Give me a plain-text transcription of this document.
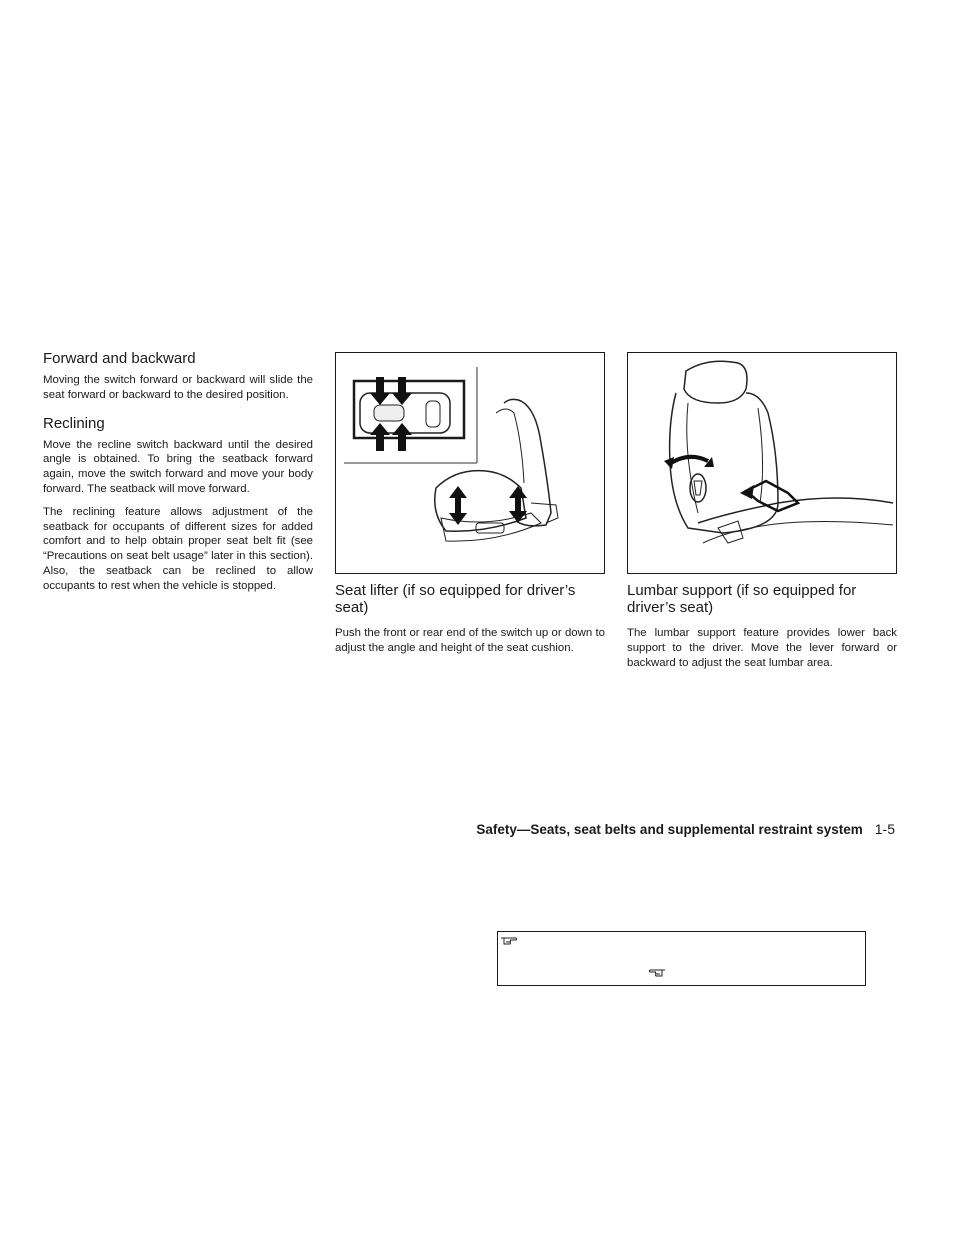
Forward and backward

Moving the switch forward or backward will slide the seat forward or backward to the desired position.

Reclining

Move the recline switch backward until the desired angle is obtained. To bring the seatback forward again, move the switch forward and move your body forward. The seatback will move forward.

The reclining feature allows adjustment of the seatback for occupants of different sizes for added comfort and to help obtain proper seat belt fit (see “Precautions on seat belt usage” later in this section). Also, the seatback can be reclined to allow occupants to rest when the vehicle is stopped.	Seat lifter (if so equipped for driver’s seat)

Push the front or rear end of the switch up or down to adjust the angle and height of the seat cushion.

Lumbar support (if so equipped for driver’s seat)

The lumbar support feature provides lower back support to the driver. Move the lever forward or backward to adjust the seat lumbar area.

Safety—Seats, seat belts and supplemental restraint system 1-5
